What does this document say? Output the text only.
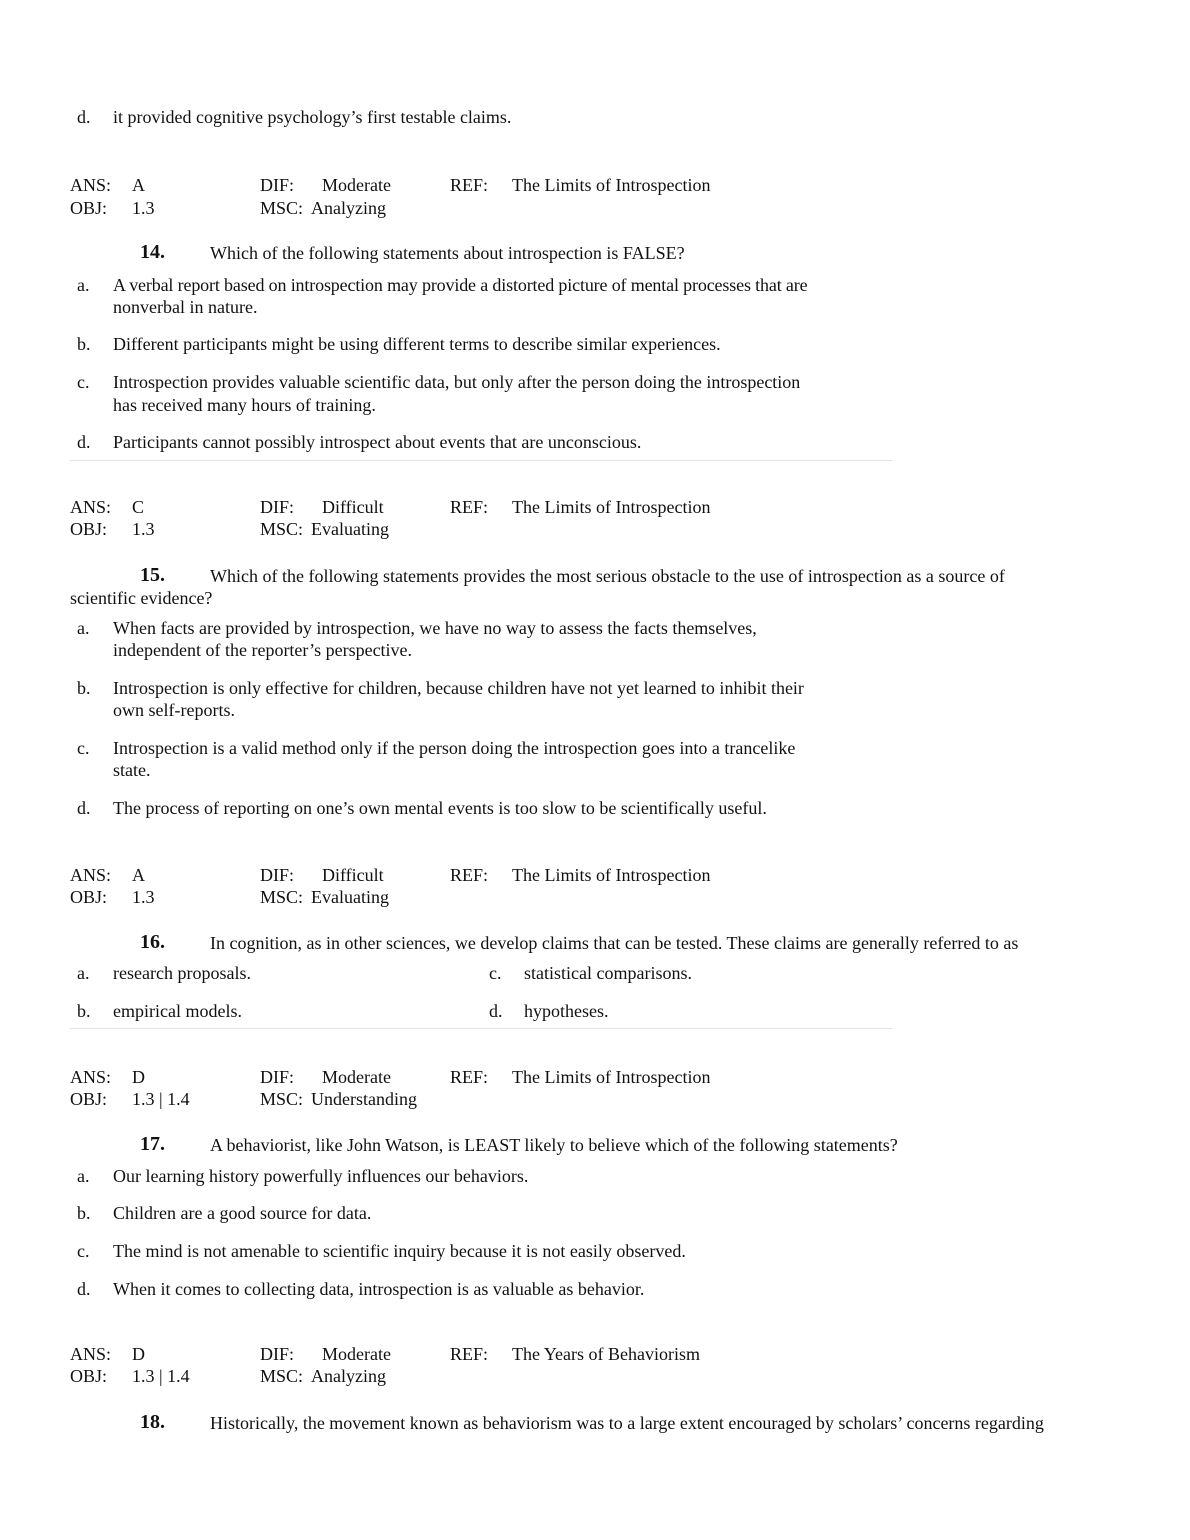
d.	it provided cognitive psychology’s first testable claims.
ANS: A	DIF: Moderate	REF: The Limits of Introspection
OBJ: 1.3	MSC: Analyzing
14.	Which of the following statements about introspection is FALSE?
a.	A verbal report based on introspection may provide a distorted picture of mental processes that are
nonverbal in nature.
b.	Different participants might be using different terms to describe similar experiences.
c.	Introspection provides valuable scientific data, but only after the person doing the introspection
has received many hours of training.
d.	Participants cannot possibly introspect about events that are unconscious.
ANS: C	DIF: Difficult	REF: The Limits of Introspection
OBJ: 1.3	MSC: Evaluating
15.	Which of the following statements provides the most serious obstacle to the use of introspection as a source of
scientific evidence?
a.	When facts are provided by introspection, we have no way to assess the facts themselves,
independent of the reporter’s perspective.
b.	Introspection is only effective for children, because children have not yet learned to inhibit their
own self-reports.
c.	Introspection is a valid method only if the person doing the introspection goes into a trancelike
state.
d.	The process of reporting on one’s own mental events is too slow to be scientifically useful.
ANS: A	DIF: Difficult	REF: The Limits of Introspection
OBJ: 1.3	MSC: Evaluating
16.	In cognition, as in other sciences, we develop claims that can be tested. These claims are generally referred to as
a.	research proposals.	c. statistical comparisons.
b.	empirical models.	d. hypotheses.
ANS: D	DIF: Moderate	REF: The Limits of Introspection
OBJ: 1.3 | 1.4	MSC: Understanding
17.	A behaviorist, like John Watson, is LEAST likely to believe which of the following statements?
a.	Our learning history powerfully influences our behaviors.
b.	Children are a good source for data.
c.	The mind is not amenable to scientific inquiry because it is not easily observed.
d.	When it comes to collecting data, introspection is as valuable as behavior.
ANS: D	DIF: Moderate	REF: The Years of Behaviorism
OBJ: 1.3 | 1.4	MSC: Analyzing
18.	Historically, the movement known as behaviorism was to a large extent encouraged by scholars’ concerns regarding
